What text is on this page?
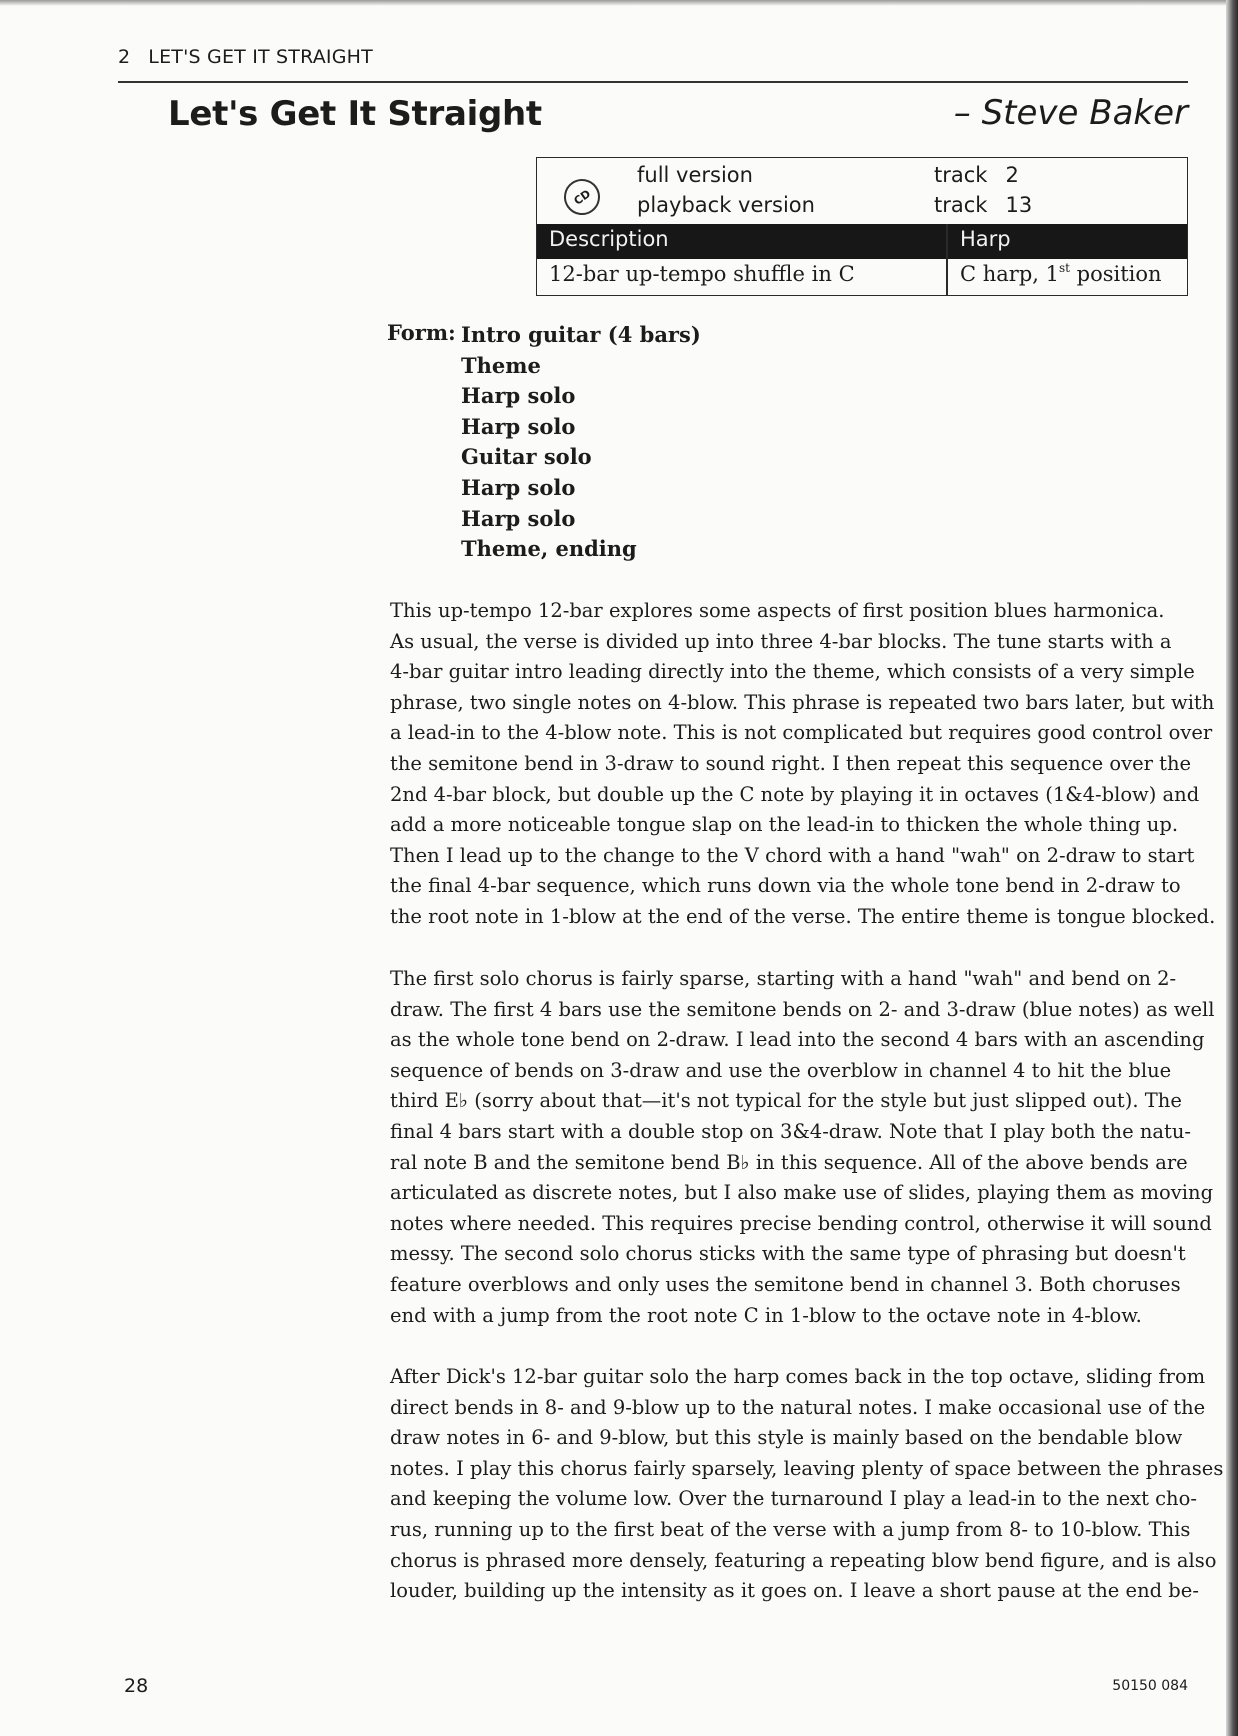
2 LET'S GET IT STRAIGHT
Let's Get It Straight	– Steve Baker
CD
full version	track 2
playback version	track 13
Description	Harp
12-bar up-tempo shuffle in C	C harp, 1st position
Form: Intro guitar (4 bars)
Theme
Harp solo
Harp solo
Guitar solo
Harp solo
Harp solo
Theme, ending

This up-tempo 12-bar explores some aspects of first position blues harmonica.
As usual, the verse is divided up into three 4-bar blocks. The tune starts with a
4-bar guitar intro leading directly into the theme, which consists of a very simple
phrase, two single notes on 4-blow. This phrase is repeated two bars later, but with
a lead-in to the 4-blow note. This is not complicated but requires good control over
the semitone bend in 3-draw to sound right. I then repeat this sequence over the
2nd 4-bar block, but double up the C note by playing it in octaves (1&4-blow) and
add a more noticeable tongue slap on the lead-in to thicken the whole thing up.
Then I lead up to the change to the V chord with a hand "wah" on 2-draw to start
the final 4-bar sequence, which runs down via the whole tone bend in 2-draw to
the root note in 1-blow at the end of the verse. The entire theme is tongue blocked.

The first solo chorus is fairly sparse, starting with a hand "wah" and bend on 2-
draw. The first 4 bars use the semitone bends on 2- and 3-draw (blue notes) as well
as the whole tone bend on 2-draw. I lead into the second 4 bars with an ascending
sequence of bends on 3-draw and use the overblow in channel 4 to hit the blue
third E♭ (sorry about that—it's not typical for the style but just slipped out). The
final 4 bars start with a double stop on 3&4-draw. Note that I play both the natu-
ral note B and the semitone bend B♭ in this sequence. All of the above bends are
articulated as discrete notes, but I also make use of slides, playing them as moving
notes where needed. This requires precise bending control, otherwise it will sound
messy. The second solo chorus sticks with the same type of phrasing but doesn't
feature overblows and only uses the semitone bend in channel 3. Both choruses
end with a jump from the root note C in 1-blow to the octave note in 4-blow.

After Dick's 12-bar guitar solo the harp comes back in the top octave, sliding from
direct bends in 8- and 9-blow up to the natural notes. I make occasional use of the
draw notes in 6- and 9-blow, but this style is mainly based on the bendable blow
notes. I play this chorus fairly sparsely, leaving plenty of space between the phrases
and keeping the volume low. Over the turnaround I play a lead-in to the next cho-
rus, running up to the first beat of the verse with a jump from 8- to 10-blow. This
chorus is phrased more densely, featuring a repeating blow bend figure, and is also
louder, building up the intensity as it goes on. I leave a short pause at the end be-

28	50150 084
